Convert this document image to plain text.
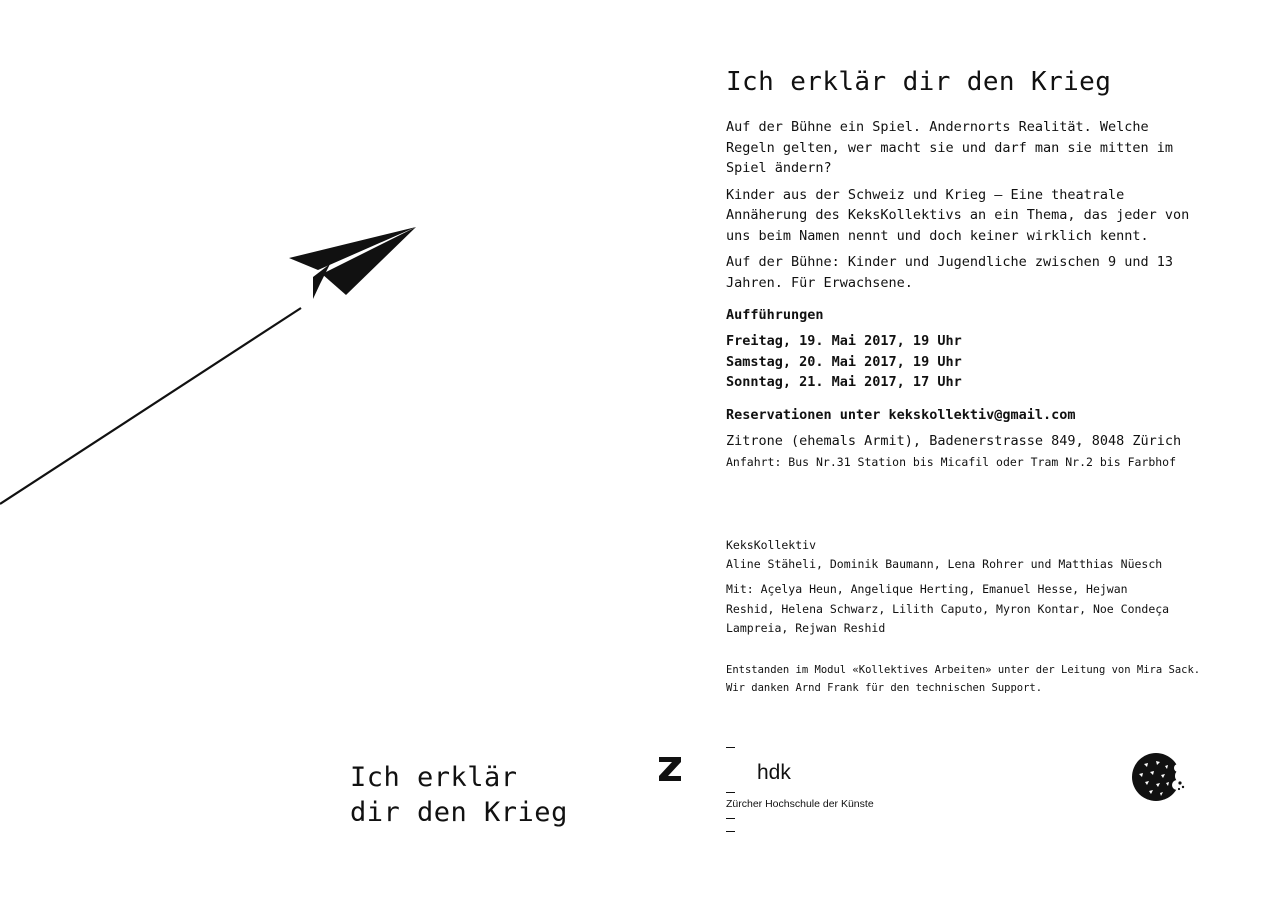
Ich erklär
dir den Krieg
Ich erklär dir den Krieg

Auf der Bühne ein Spiel. Andernorts Realität. Welche Regeln gelten, wer macht sie und darf man sie mitten im Spiel ändern?

Kinder aus der Schweiz und Krieg – Eine theatrale Annäherung des KeksKollektivs an ein Thema, das jeder von uns beim Namen nennt und doch keiner wirklich kennt.

Auf der Bühne: Kinder und Jugendliche zwischen 9 und 13 Jahren. Für Erwachsene.

Aufführungen
Freitag, 19. Mai 2017, 19 Uhr
Samstag, 20. Mai 2017, 19 Uhr
Sonntag, 21. Mai 2017, 17 Uhr
Reservationen unter kekskollektiv@gmail.com
Zitrone (ehemals Armit), Badenerstrasse 849, 8048 Zürich
Anfahrt: Bus Nr.31 Station bis Micafil oder Tram Nr.2 bis Farbhof
KeksKollektiv
Aline Stäheli, Dominik Baumann, Lena Rohrer und Matthias Nüesch
Mit: Açelya Heun, Angelique Herting, Emanuel Hesse, Hejwan Reshid, Helena Schwarz, Lilith Caputo, Myron Kontar, Noe Condeça Lampreia, Rejwan Reshid
Entstanden im Modul «Kollektives Arbeiten» unter der Leitung von Mira Sack.
Wir danken Arnd Frank für den technischen Support.
hdk
Zürcher Hochschule der Künste
